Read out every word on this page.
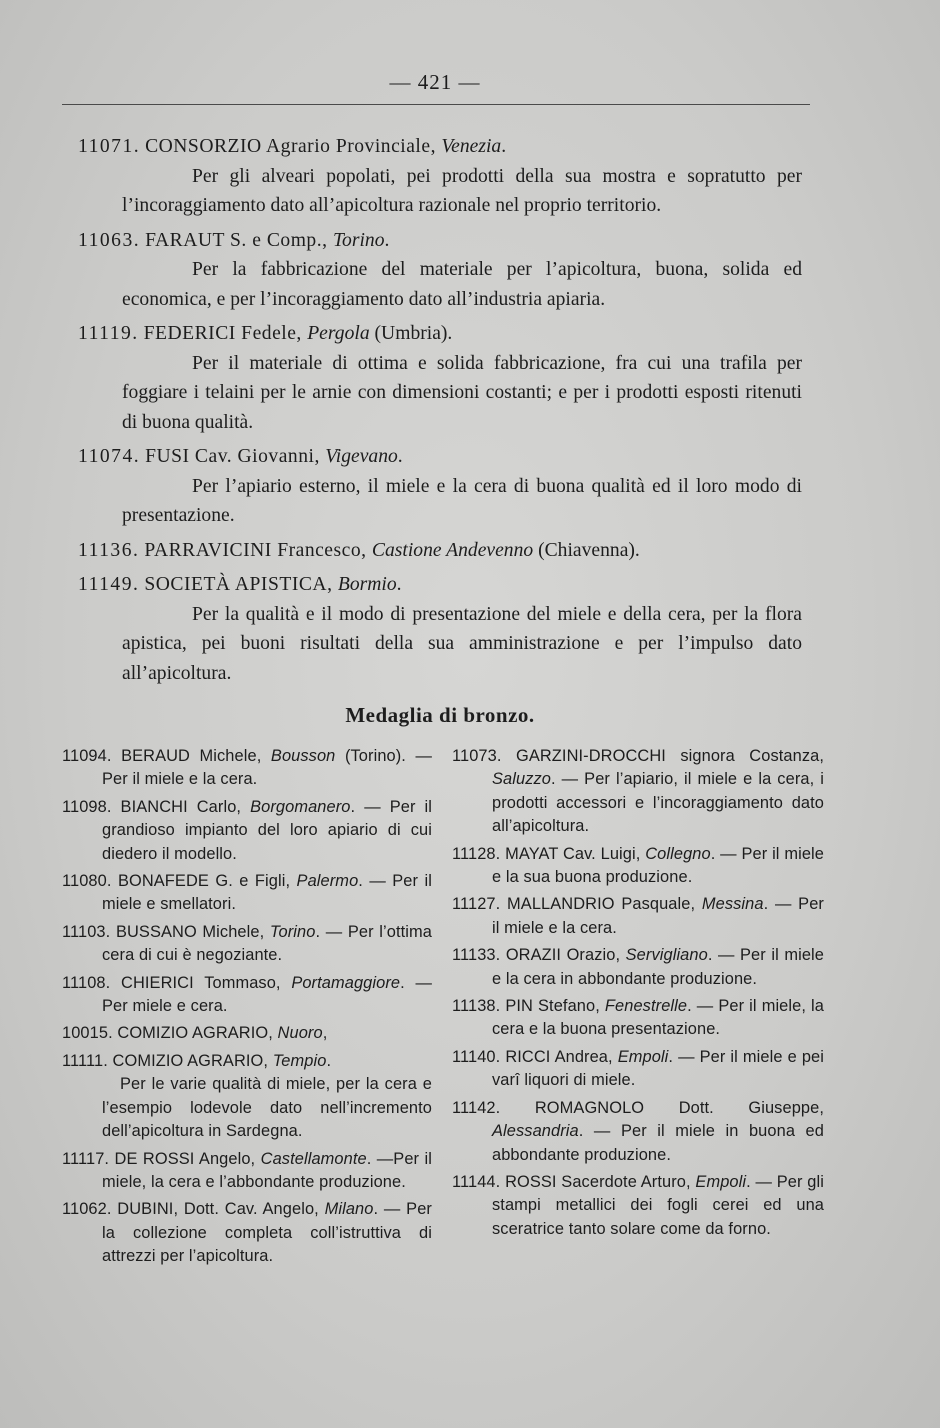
— 421 —
11071. CONSORZIO Agrario Provinciale, Venezia.
Per gli alveari popolati, pei prodotti della sua mostra e sopratutto per l’incoraggiamento dato all’apicoltura razionale nel proprio territorio.
11063. FARAUT S. e Comp., Torino.
Per la fabbricazione del materiale per l’apicoltura, buona, solida ed economica, e per l’incoraggiamento dato all’industria apiaria.
11119. FEDERICI Fedele, Pergola (Umbria).
Per il materiale di ottima e solida fabbricazione, fra cui una trafila per foggiare i telaini per le arnie con dimensioni costanti; e per i prodotti esposti ritenuti di buona qualità.
11074. FUSI Cav. Giovanni, Vigevano.
Per l’apiario esterno, il miele e la cera di buona qualità ed il loro modo di presentazione.
11136. PARRAVICINI Francesco, Castione Andevenno (Chiavenna).
11149. SOCIETÀ APISTICA, Bormio.
Per la qualità e il modo di presentazione del miele e della cera, per la flora apistica, pei buoni risultati della sua amministrazione e per l’impulso dato all’apicoltura.
Medaglia di bronzo.
11094. BERAUD Michele, Bousson (Torino). — Per il miele e la cera.
11098. BIANCHI Carlo, Borgomanero. — Per il grandioso impianto del loro apiario di cui diedero il modello.
11080. BONAFEDE G. e Figli, Palermo. — Per il miele e smellatori.
11103. BUSSANO Michele, Torino. — Per l’ottima cera di cui è negoziante.
11108. CHIERICI Tommaso, Portamaggiore. — Per miele e cera.
10015. COMIZIO AGRARIO, Nuoro,
11111. COMIZIO AGRARIO, Tempio.
Per le varie qualità di miele, per la cera e l’esempio lodevole dato nell’incremento dell’apicoltura in Sardegna.
11117. DE ROSSI Angelo, Castellamonte. —Per il miele, la cera e l’abbondante produzione.
11062. DUBINI, Dott. Cav. Angelo, Milano. — Per la collezione completa coll’istruttiva di attrezzi per l’apicoltura.
11073. GARZINI-DROCCHI signora Costanza, Saluzzo. — Per l’apiario, il miele e la cera, i prodotti accessori e l’incoraggiamento dato all’apicoltura.
11128. MAYAT Cav. Luigi, Collegno. — Per il miele e la sua buona produzione.
11127. MALLANDRIO Pasquale, Messina. — Per il miele e la cera.
11133. ORAZII Orazio, Servigliano. — Per il miele e la cera in abbondante produzione.
11138. PIN Stefano, Fenestrelle. — Per il miele, la cera e la buona presentazione.
11140. RICCI Andrea, Empoli. — Per il miele e pei varî liquori di miele.
11142. ROMAGNOLO Dott. Giuseppe, Alessandria. — Per il miele in buona ed abbondante produzione.
11144. ROSSI Sacerdote Arturo, Empoli. — Per gli stampi metallici dei fogli cerei ed una sceratrice tanto solare come da forno.
